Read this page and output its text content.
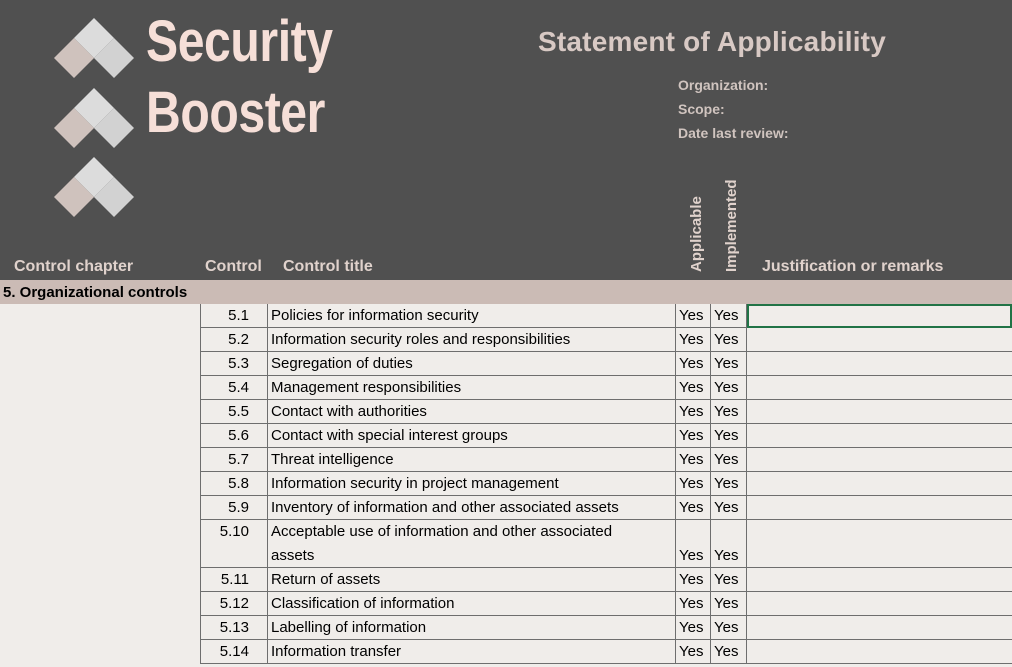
Security
Booster
Statement of Applicability
Organization:
Scope:
Date last review:
Control chapter	Control Control title	Applicable Implemented Justification or remarks
5. Organizational controls
5.1 Policies for information security	Yes Yes
5.2 Information security roles and responsibilities	Yes Yes
5.3 Segregation of duties	Yes Yes
5.4 Management responsibilities	Yes Yes
5.5 Contact with authorities	Yes Yes
5.6 Contact with special interest groups	Yes Yes
5.7 Threat intelligence	Yes Yes
5.8 Information security in project management	Yes Yes
5.9 Inventory of information and other associated assets	Yes Yes
5.10 Acceptable use of information and other associated
assets	Yes Yes
5.11 Return of assets	Yes Yes
5.12 Classification of information	Yes Yes
5.13 Labelling of information	Yes Yes
5.14 Information transfer	Yes Yes
